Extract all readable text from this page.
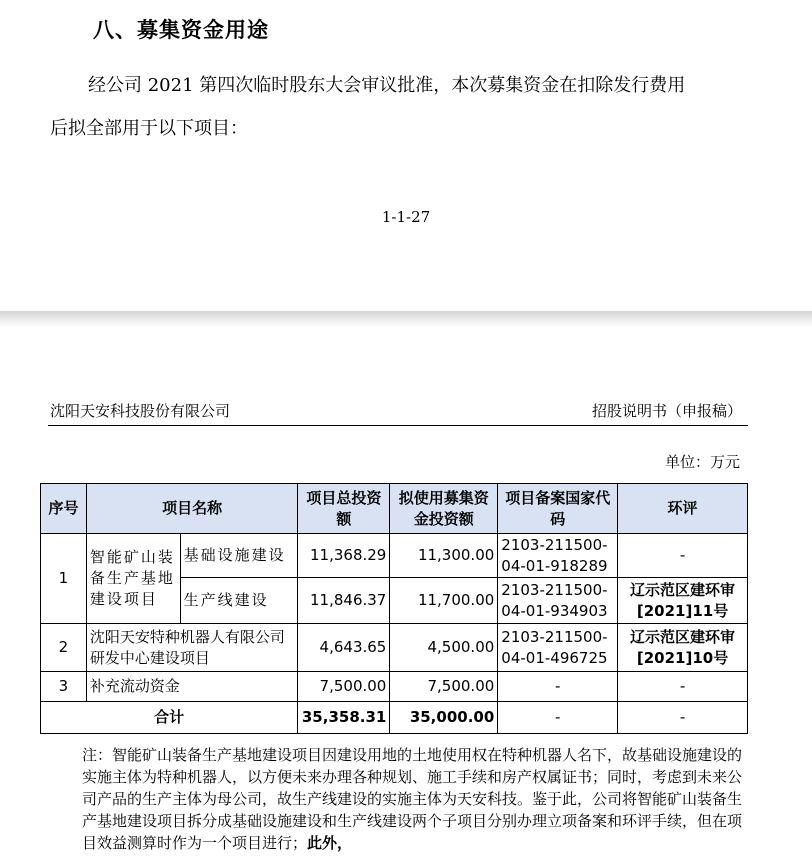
八、募集资金用途
经公司 2021 第四次临时股东大会审议批准，本次募集资金在扣除发行费用
后拟全部用于以下项目：
1-1-27
沈阳天安科技股份有限公司	招股说明书（申报稿）
单位：万元
序号	项目名称		项目总投资额	拟使用募集资金投资额	项目备案国家代码	环评
1	智能矿山装备生产基地建设项目	基础设施建设	11,368.29	11,300.00	2103-211500-04-01-918289	-
		生产线建设	11,846.37	11,700.00	2103-211500-04-01-934903	辽示范区建环审[2021]11号
2	沈阳天安特种机器人有限公司研发中心建设项目		4,643.65	4,500.00	2103-211500-04-01-496725	辽示范区建环审[2021]10号
3	补充流动资金		7,500.00	7,500.00	-	-
合计			35,358.31	35,000.00	-	-
注：智能矿山装备生产基地建设项目因建设用地的土地使用权在特种机器人名下，故基础设施建设的实施主体为特种机器人，以方便未来办理各种规划、施工手续和房产权属证书；同时，考虑到未来公司产品的生产主体为母公司，故生产线建设的实施主体为天安科技。鉴于此，公司将智能矿山装备生产基地建设项目拆分成基础设施建设和生产线建设两个子项目分别办理立项备案和环评手续，但在项目效益测算时作为一个项目进行；此外，
